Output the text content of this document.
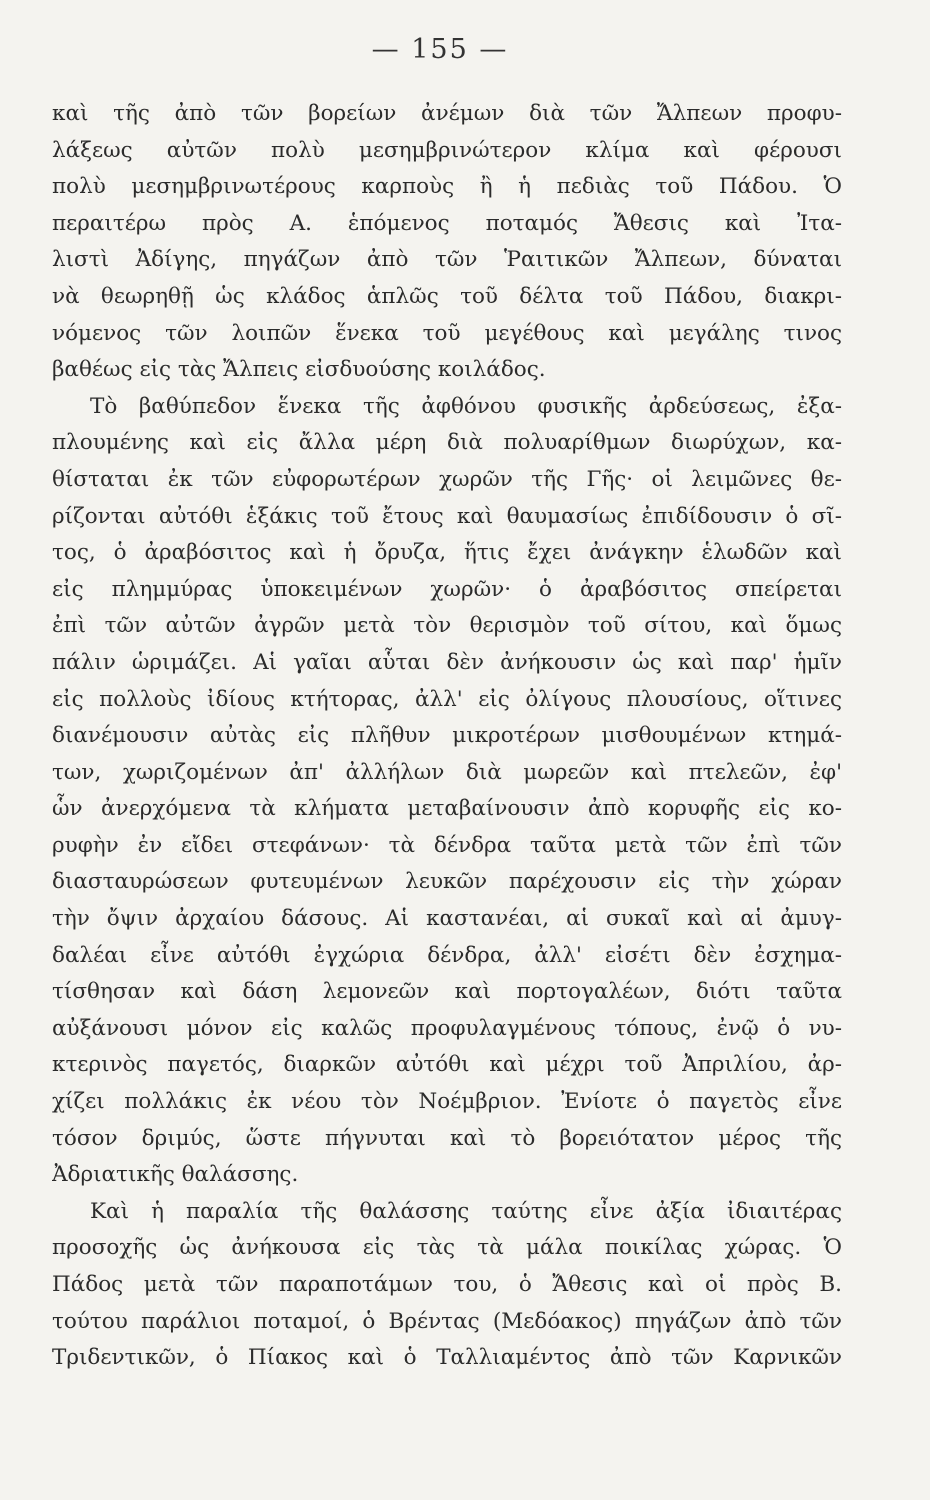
— 155 —
καὶ τῆς ἀπὸ τῶν βορείων ἀνέμων διὰ τῶν Ἄλπεων προφυ-
λάξεως αὐτῶν πολὺ μεσημβρινώτερον κλίμα καὶ φέρουσι
πολὺ μεσημβρινωτέρους καρποὺς ἢ ἡ πεδιὰς τοῦ Πάδου. Ὁ
περαιτέρω πρὸς Α. ἑπόμενος ποταμός Ἄθεσις καὶ Ἰτα-
λιστὶ Ἀδίγης, πηγάζων ἀπὸ τῶν Ῥαιτικῶν Ἄλπεων, δύναται
νὰ θεωρηθῇ ὡς κλάδος ἁπλῶς τοῦ δέλτα τοῦ Πάδου, διακρι-
νόμενος τῶν λοιπῶν ἕνεκα τοῦ μεγέθους καὶ μεγάλης τινος
βαθέως εἰς τὰς Ἄλπεις εἰσδυούσης κοιλάδος.
Τὸ βαθύπεδον ἕνεκα τῆς ἀφθόνου φυσικῆς ἀρδεύσεως, ἐξα-
πλουμένης καὶ εἰς ἄλλα μέρη διὰ πολυαρίθμων διωρύχων, κα-
θίσταται ἐκ τῶν εὐφορωτέρων χωρῶν τῆς Γῆς· οἱ λειμῶνες θε-
ρίζονται αὐτόθι ἑξάκις τοῦ ἔτους καὶ θαυμασίως ἐπιδίδουσιν ὁ σῖ-
τος, ὁ ἀραβόσιτος καὶ ἡ ὄρυζα, ἥτις ἔχει ἀνάγκην ἑλωδῶν καὶ
εἰς πλημμύρας ὑποκειμένων χωρῶν· ὁ ἀραβόσιτος σπείρεται
ἐπὶ τῶν αὐτῶν ἀγρῶν μετὰ τὸν θερισμὸν τοῦ σίτου, καὶ ὅμως
πάλιν ὡριμάζει. Αἱ γαῖαι αὗται δὲν ἀνήκουσιν ὡς καὶ παρ' ἡμῖν
εἰς πολλοὺς ἰδίους κτήτορας, ἀλλ' εἰς ὀλίγους πλουσίους, οἵτινες
διανέμουσιν αὐτὰς εἰς πλῆθυν μικροτέρων μισθουμένων κτημά-
των, χωριζομένων ἀπ' ἀλλήλων διὰ μωρεῶν καὶ πτελεῶν, ἐφ'
ὧν ἀνερχόμενα τὰ κλήματα μεταβαίνουσιν ἀπὸ κορυφῆς εἰς κο-
ρυφὴν ἐν εἴδει στεφάνων· τὰ δένδρα ταῦτα μετὰ τῶν ἐπὶ τῶν
διασταυρώσεων φυτευμένων λευκῶν παρέχουσιν εἰς τὴν χώραν
τὴν ὄψιν ἀρχαίου δάσους. Αἱ καστανέαι, αἱ συκαῖ καὶ αἱ ἀμυγ-
δαλέαι εἶνε αὐτόθι ἐγχώρια δένδρα, ἀλλ' εἰσέτι δὲν ἐσχημα-
τίσθησαν καὶ δάση λεμονεῶν καὶ πορτογαλέων, διότι ταῦτα
αὐξάνουσι μόνον εἰς καλῶς προφυλαγμένους τόπους, ἐνῷ ὁ νυ-
κτερινὸς παγετός, διαρκῶν αὐτόθι καὶ μέχρι τοῦ Ἀπριλίου, ἀρ-
χίζει πολλάκις ἐκ νέου τὸν Νοέμβριον. Ἐνίοτε ὁ παγετὸς εἶνε
τόσον δριμύς, ὥστε πήγνυται καὶ τὸ βορειότατον μέρος τῆς
Ἀδριατικῆς θαλάσσης.
Καὶ ἡ παραλία τῆς θαλάσσης ταύτης εἶνε ἀξία ἰδιαιτέρας
προσοχῆς ὡς ἀνήκουσα εἰς τὰς τὰ μάλα ποικίλας χώρας. Ὁ
Πάδος μετὰ τῶν παραποτάμων του, ὁ Ἄθεσις καὶ οἱ πρὸς Β.
τούτου παράλιοι ποταμοί, ὁ Βρέντας (Μεδόακος) πηγάζων ἀπὸ τῶν
Τριδεντικῶν, ὁ Πίακος καὶ ὁ Ταλλιαμέντος ἀπὸ τῶν Καρνικῶν
